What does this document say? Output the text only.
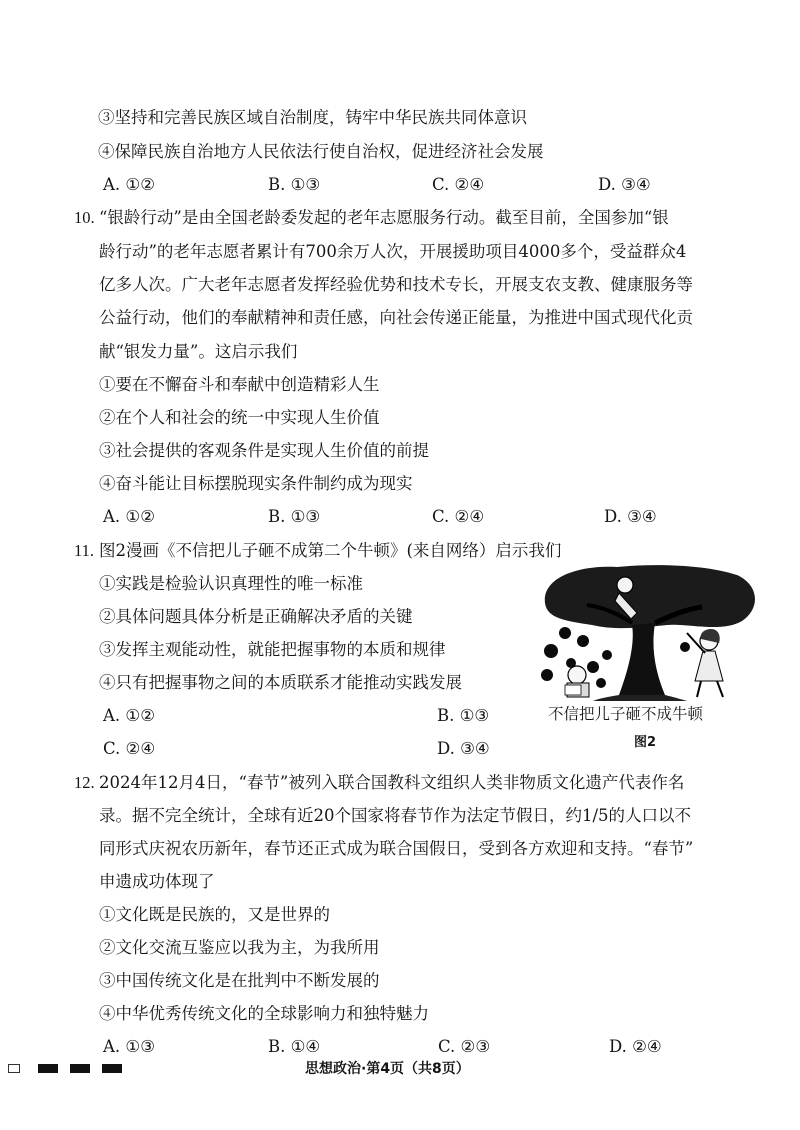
③坚持和完善民族区域自治制度，铸牢中华民族共同体意识
④保障民族自治地方人民依法行使自治权，促进经济社会发展
A. ①②	B. ①③	C. ②④	D. ③④
10. “银龄行动”是由全国老龄委发起的老年志愿服务行动。截至目前，全国参加“银
龄行动”的老年志愿者累计有700余万人次，开展援助项目4000多个，受益群众4
亿多人次。广大老年志愿者发挥经验优势和技术专长，开展支农支教、健康服务等
公益行动，他们的奉献精神和责任感，向社会传递正能量，为推进中国式现代化贡
献“银发力量”。这启示我们
①要在不懈奋斗和奉献中创造精彩人生
②在个人和社会的统一中实现人生价值
③社会提供的客观条件是实现人生价值的前提
④奋斗能让目标摆脱现实条件制约成为现实
A. ①②	B. ①③	C. ②④	D. ③④
11. 图2漫画《不信把儿子砸不成第二个牛顿》(来自网络）启示我们
①实践是检验认识真理性的唯一标准
②具体问题具体分析是正确解决矛盾的关键
③发挥主观能动性，就能把握事物的本质和规律
④只有把握事物之间的本质联系才能推动实践发展
A. ①②	B. ①③
C. ②④	D. ③④
不信把儿子砸不成牛顿
图2
12. 2024年12月4日，“春节”被列入联合国教科文组织人类非物质文化遗产代表作名
录。据不完全统计，全球有近20个国家将春节作为法定节假日，约1/5的人口以不
同形式庆祝农历新年，春节还正式成为联合国假日，受到各方欢迎和支持。“春节”
申遗成功体现了
①文化既是民族的，又是世界的
②文化交流互鉴应以我为主，为我所用
③中国传统文化是在批判中不断发展的
④中华优秀传统文化的全球影响力和独特魅力
A. ①③	B. ①④	C. ②③	D. ②④
思想政治·第4页（共8页）
